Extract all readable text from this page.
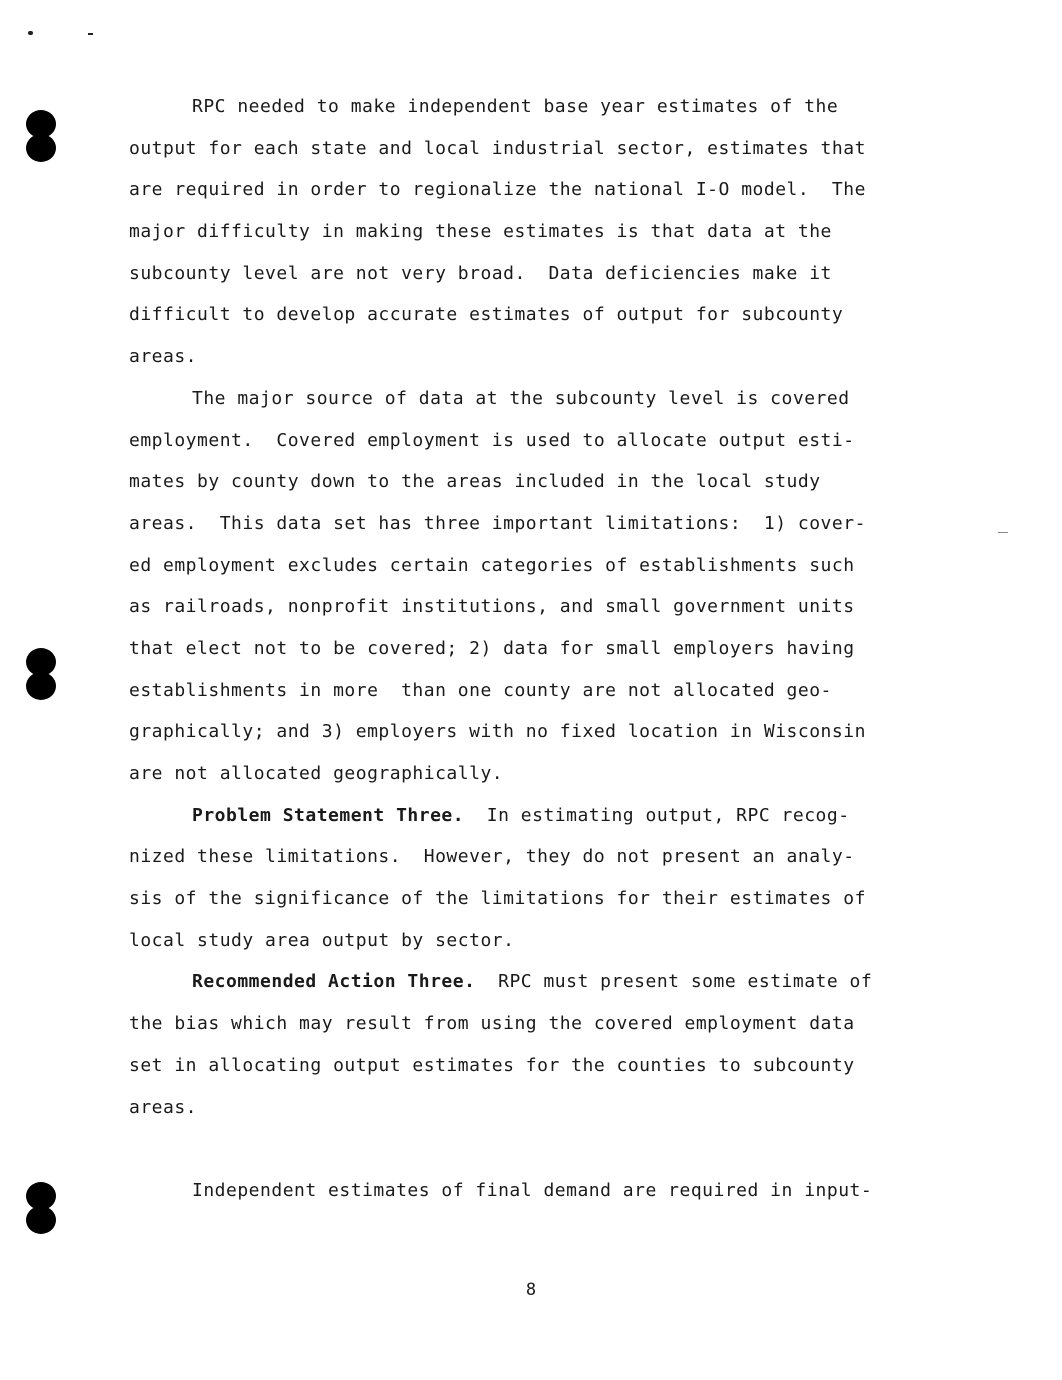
RPC needed to make independent base year estimates of the
output for each state and local industrial sector, estimates that
are required in order to regionalize the national I-O model.  The
major difficulty in making these estimates is that data at the
subcounty level are not very broad.  Data deficiencies make it
difficult to develop accurate estimates of output for subcounty
areas.
The major source of data at the subcounty level is covered
employment.  Covered employment is used to allocate output esti-
mates by county down to the areas included in the local study
areas.  This data set has three important limitations:  1) cover-
ed employment excludes certain categories of establishments such
as railroads, nonprofit institutions, and small government units
that elect not to be covered; 2) data for small employers having
establishments in more  than one county are not allocated geo-
graphically; and 3) employers with no fixed location in Wisconsin
are not allocated geographically.
Problem Statement Three.  In estimating output, RPC recog-
nized these limitations.  However, they do not present an analy-
sis of the significance of the limitations for their estimates of
local study area output by sector.
Recommended Action Three.  RPC must present some estimate of
the bias which may result from using the covered employment data
set in allocating output estimates for the counties to subcounty
areas.
Independent estimates of final demand are required in input-
8
